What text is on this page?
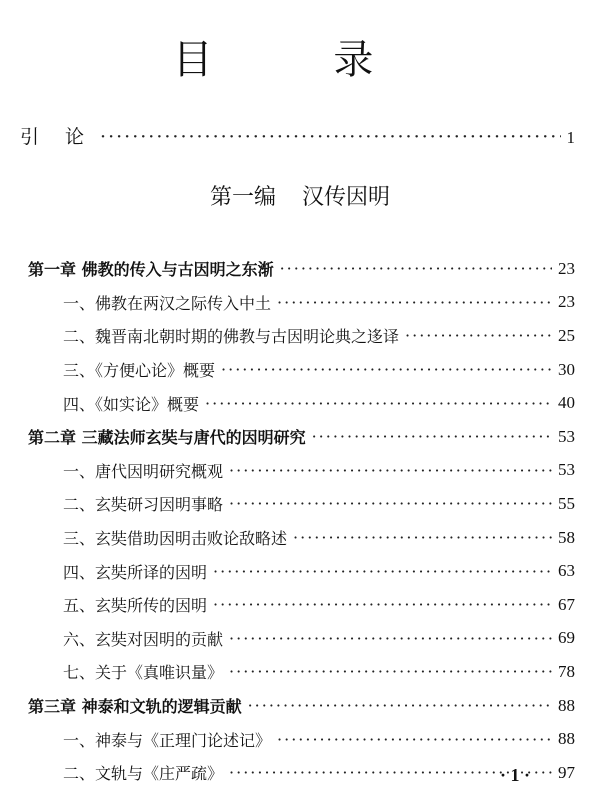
目 录
引 论 ·····	1
第一编 汉传因明
第一章 佛教的传入与古因明之东渐 ·····	23
一、佛教在两汉之际传入中土 ·····	23
二、魏晋南北朝时期的佛教与古因明论典之迻译 ·····	25
三、《方便心论》概要 ·····	30
四、《如实论》概要 ·····	40
第二章 三藏法师玄奘与唐代的因明研究 ·····	53
一、唐代因明研究概观 ·····	53
二、玄奘研习因明事略 ·····	55
三、玄奘借助因明击败论敌略述 ·····	58
四、玄奘所译的因明 ·····	63
五、玄奘所传的因明 ·····	67
六、玄奘对因明的贡献 ·····	69
七、关于《真唯识量》 ·····	78
第三章 神泰和文轨的逻辑贡献 ·····	88
一、神泰与《正理门论述记》 ·····	88
二、文轨与《庄严疏》 ·····	97
· 1 ·
